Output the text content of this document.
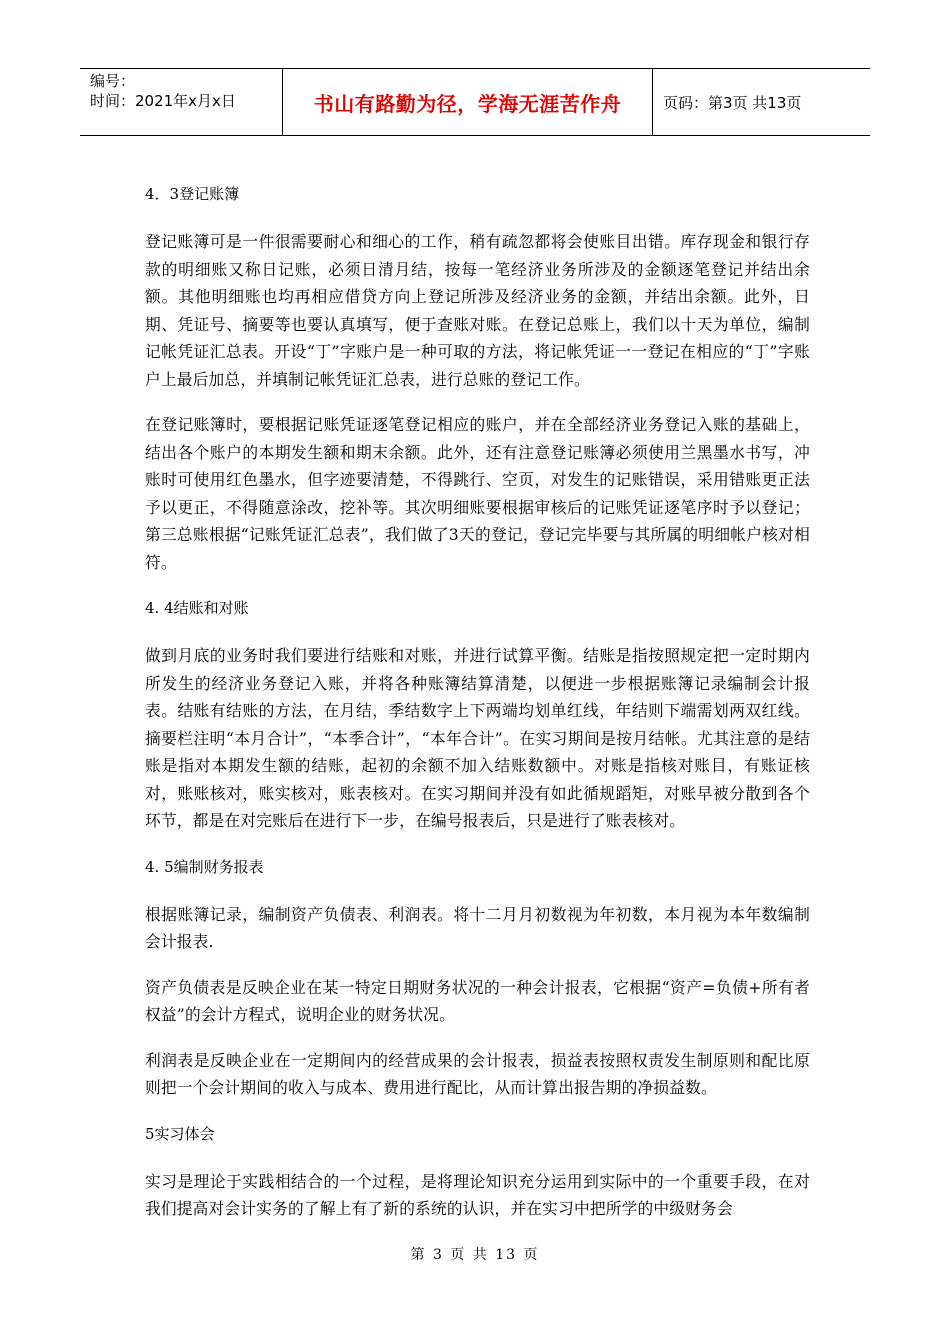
编号：
时间：2021年x月x日	书山有路勤为径，学海无涯苦作舟	页码：第3页 共13页
4．3登记账簿

登记账簿可是一件很需要耐心和细心的工作，稍有疏忽都将会使账目出错。库存现金和银行存款的明细账又称日记账，必须日清月结，按每一笔经济业务所涉及的金额逐笔登记并结出余额。其他明细账也均再相应借贷方向上登记所涉及经济业务的金额，并结出余额。此外，日期、凭证号、摘要等也要认真填写，便于查账对账。在登记总账上，我们以十天为单位，编制记帐凭证汇总表。开设“丁”字账户是一种可取的方法，将记帐凭证一一登记在相应的“丁”字账户上最后加总，并填制记帐凭证汇总表，进行总账的登记工作。

在登记账簿时，要根据记账凭证逐笔登记相应的账户，并在全部经济业务登记入账的基础上，结出各个账户的本期发生额和期末余额。此外，还有注意登记账簿必须使用兰黑墨水书写，冲账时可使用红色墨水，但字迹要清楚，不得跳行、空页，对发生的记账错误，采用错账更正法予以更正，不得随意涂改，挖补等。其次明细账要根据审核后的记账凭证逐笔序时予以登记；第三总账根据“记账凭证汇总表”，我们做了3天的登记，登记完毕要与其所属的明细帐户核对相符。

4. 4结账和对账

做到月底的业务时我们要进行结账和对账，并进行试算平衡。结账是指按照规定把一定时期内所发生的经济业务登记入账，并将各种账簿结算清楚，以便进一步根据账簿记录编制会计报表。结账有结账的方法，在月结，季结数字上下两端均划单红线，年结则下端需划两双红线。摘要栏注明“本月合计”，“本季合计”，“本年合计”。在实习期间是按月结帐。尤其注意的是结账是指对本期发生额的结账，起初的余额不加入结账数额中。对账是指核对账目，有账证核对，账账核对，账实核对，账表核对。在实习期间并没有如此循规蹈矩，对账早被分散到各个环节，都是在对完账后在进行下一步，在编号报表后，只是进行了账表核对。

4. 5编制财务报表

根据账簿记录，编制资产负债表、利润表。将十二月月初数视为年初数，本月视为本年数编制会计报表.

资产负债表是反映企业在某一特定日期财务状况的一种会计报表，它根据“资产=负债+所有者权益”的会计方程式，说明企业的财务状况。

利润表是反映企业在一定期间内的经营成果的会计报表，损益表按照权责发生制原则和配比原则把一个会计期间的收入与成本、费用进行配比，从而计算出报告期的净损益数。

5实习体会

实习是理论于实践相结合的一个过程，是将理论知识充分运用到实际中的一个重要手段，在对我们提高对会计实务的了解上有了新的系统的认识，并在实习中把所学的中级财务会

第 3 页 共 13 页
